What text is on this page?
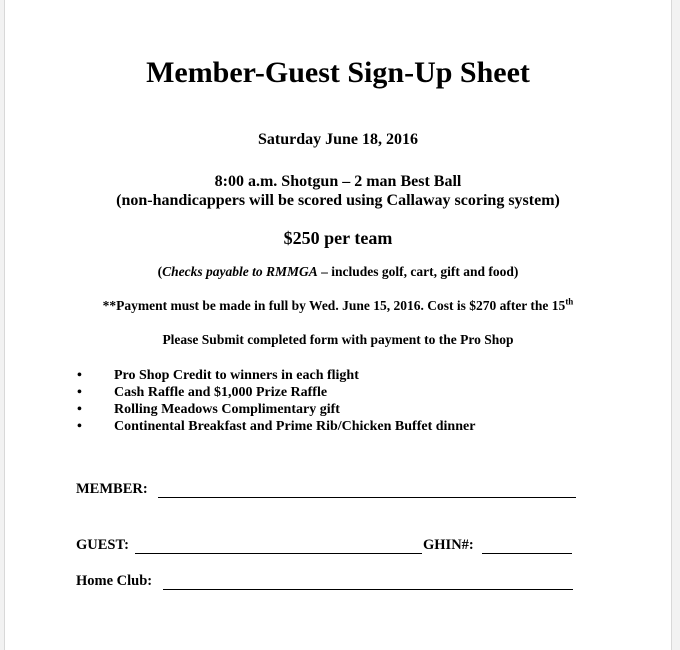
Member-Guest Sign-Up Sheet
Saturday June 18, 2016
8:00 a.m. Shotgun – 2 man Best Ball
(non-handicappers will be scored using Callaway scoring system)
$250 per team
(Checks payable to RMMGA – includes golf, cart, gift and food)
**Payment must be made in full by Wed. June 15, 2016. Cost is $270 after the 15th
Please Submit completed form with payment to the Pro Shop
•	Pro Shop Credit to winners in each flight
•	Cash Raffle and $1,000 Prize Raffle
•	Rolling Meadows Complimentary gift
•	Continental Breakfast and Prime Rib/Chicken Buffet dinner
MEMBER:
GUEST:	GHIN#:
Home Club:
